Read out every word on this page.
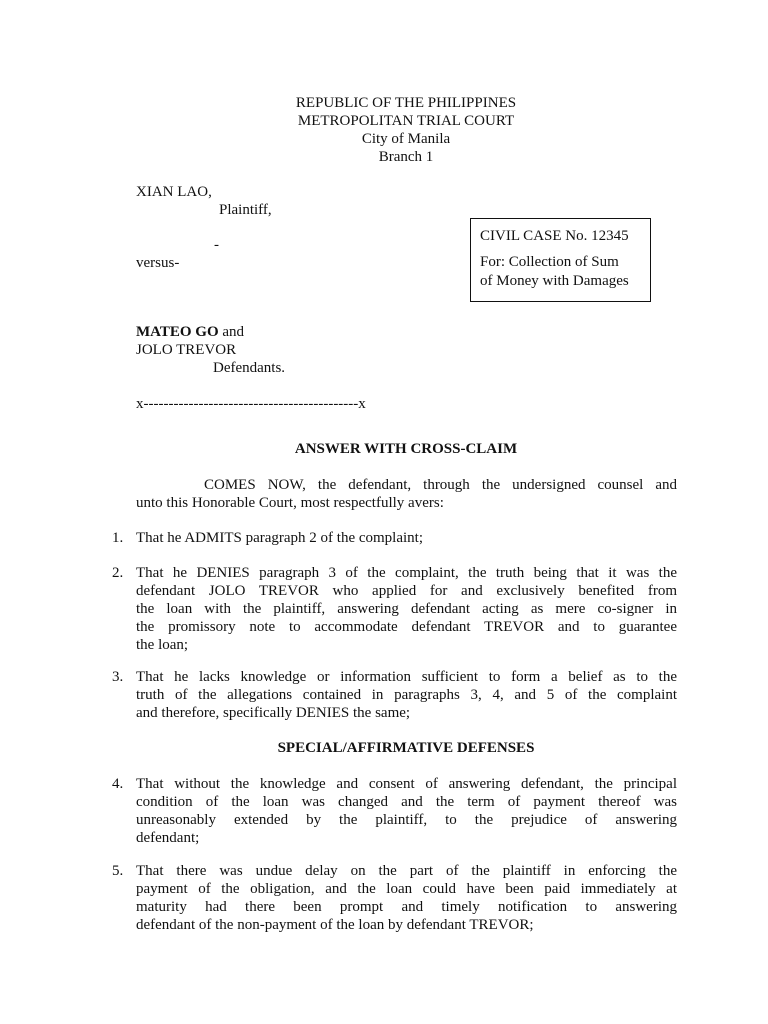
REPUBLIC OF THE PHILIPPINES
METROPOLITAN TRIAL COURT
City of Manila
Branch 1
XIAN LAO,
Plaintiff,
-
versus-
MATEO GO and
JOLO TREVOR
Defendants.
x-------------------------------------------x
CIVIL CASE No. 12345
For: Collection of Sum
of Money with Damages
ANSWER WITH CROSS-CLAIM
COMES NOW, the defendant, through the undersigned counsel and
unto this Honorable Court, most respectfully avers:
1. That he ADMITS paragraph 2 of the complaint;
2. That he DENIES paragraph 3 of the complaint, the truth being that it was the
defendant JOLO TREVOR who applied for and exclusively benefited from
the loan with the plaintiff, answering defendant acting as mere co-signer in
the promissory note to accommodate defendant TREVOR and to guarantee
the loan;
3. That he lacks knowledge or information sufficient to form a belief as to the
truth of the allegations contained in paragraphs 3, 4, and 5 of the complaint
and therefore, specifically DENIES the same;
SPECIAL/AFFIRMATIVE DEFENSES
4. That without the knowledge and consent of answering defendant, the principal
condition of the loan was changed and the term of payment thereof was
unreasonably extended by the plaintiff, to the prejudice of answering
defendant;
5. That there was undue delay on the part of the plaintiff in enforcing the
payment of the obligation, and the loan could have been paid immediately at
maturity had there been prompt and timely notification to answering
defendant of the non-payment of the loan by defendant TREVOR;
